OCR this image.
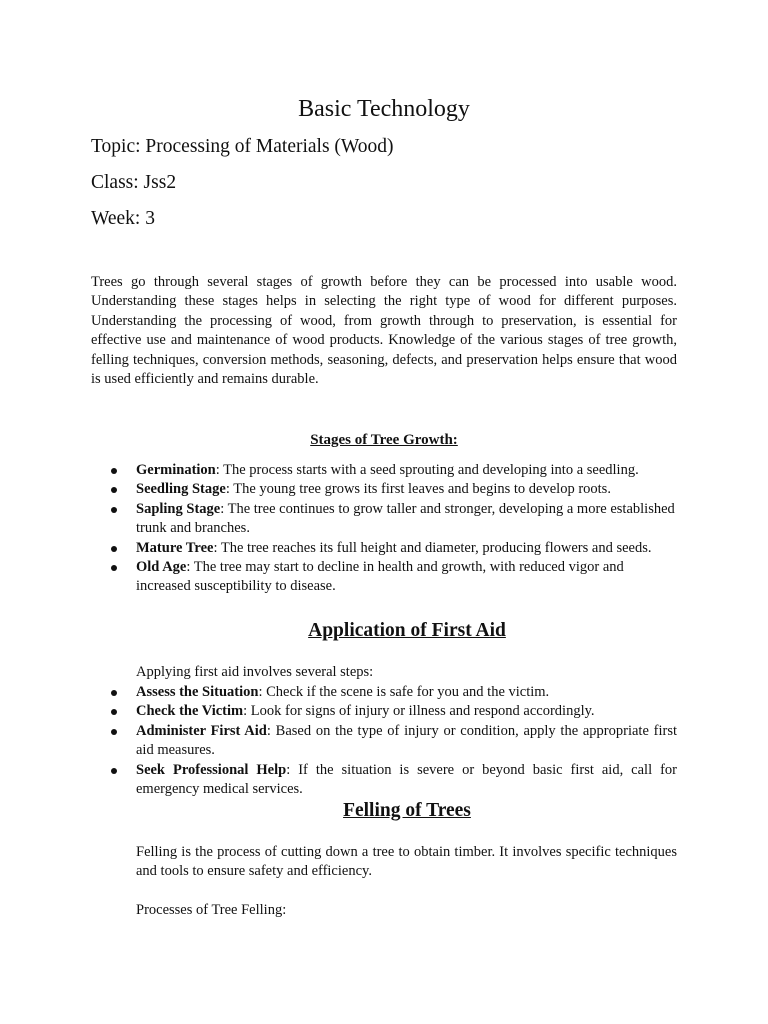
Basic Technology
Topic: Processing of Materials (Wood)
Class: Jss2
Week: 3

Trees go through several stages of growth before they can be processed into usable wood. Understanding these stages helps in selecting the right type of wood for different purposes. Understanding the processing of wood, from growth through to preservation, is essential for effective use and maintenance of wood products. Knowledge of the various stages of tree growth, felling techniques, conversion methods, seasoning, defects, and preservation helps ensure that wood is used efficiently and remains durable.

Stages of Tree Growth:
Germination: The process starts with a seed sprouting and developing into a seedling.
Seedling Stage: The young tree grows its first leaves and begins to develop roots.
Sapling Stage: The tree continues to grow taller and stronger, developing a more established trunk and branches.
Mature Tree: The tree reaches its full height and diameter, producing flowers and seeds.
Old Age: The tree may start to decline in health and growth, with reduced vigor and increased susceptibility to disease.
Application of First Aid

Applying first aid involves several steps:

Assess the Situation: Check if the scene is safe for you and the victim.
Check the Victim: Look for signs of injury or illness and respond accordingly.
Administer First Aid: Based on the type of injury or condition, apply the appropriate first aid measures.
Seek Professional Help: If the situation is severe or beyond basic first aid, call for emergency medical services.
Felling of Trees

Felling is the process of cutting down a tree to obtain timber. It involves specific techniques and tools to ensure safety and efficiency.

Processes of Tree Felling:
